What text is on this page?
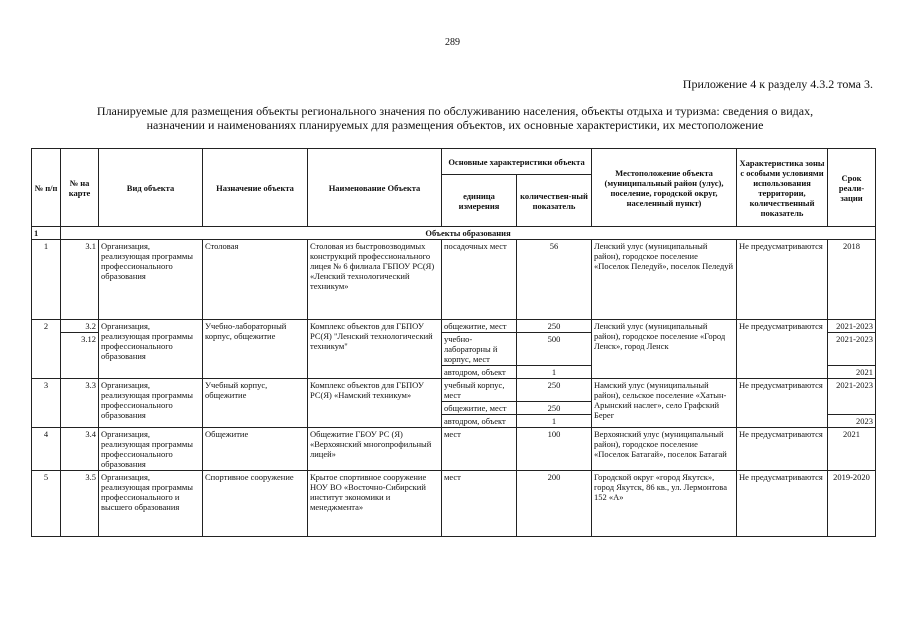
289
Приложение 4 к разделу 4.3.2 тома 3.
Планируемые для размещения объекты регионального значения по обслуживанию населения, объекты отдыха и туризма: сведения о видах,
назначении и наименованиях планируемых для размещения объектов, их основные характеристики, их местоположение
№ п/п	№ на карте	Вид объекта	Назначение объекта	Наименование Объекта	Основные характеристики объекта		Местоположение объекта (муниципальный район (улус), поселение, городской округ, населенный пункт)	Характеристика зоны с особыми условиями использования территории, количественный показатель	Срок реали-зации
					единица измерения	количествен-ный показатель			
1	Объекты образования								
1	3.1	Организация, реализующая программы профессионального образования	Столовая	Столовая из быстровозводимых конструкций профессионального лицея № 6 филиала ГБПОУ РС(Я) «Ленский технологический техникум»	посадочных мест	56	Ленский улус (муниципальный район), городское поселение «Поселок Пеледуй», поселок Пеледуй	Не предусматриваются	2018
2	3.2	Организация, реализующая программы профессионального образования	Учебно-лабораторный корпус, общежитие	Комплекс объектов для ГБПОУ РС(Я) "Ленский технологический техникум"	общежитие, мест	250	Ленский улус (муниципальный район), городское поселение «Город Ленск», город Ленск	Не предусматриваются	2021-2023
	3.12				учебно-лабораторны й корпус, мест	500			2021-2023
					автодром, объект	1			2021
3	3.3	Организация, реализующая программы профессионального образования	Учебный корпус, общежитие	Комплекс объектов для ГБПОУ РС(Я) «Намский техникум»	учебный корпус, мест	250	Намский улус (муниципальный район), сельское поселение «Хатын-Арынский наслег», село Графский Берег	Не предусматриваются	2021-2023
					общежитие, мест	250			
					автодром, объект	1			2023
4	3.4	Организация, реализующая программы профессионального образования	Общежитие	Общежитие ГБОУ РС (Я) «Верхоянский многопрофильный лицей»	мест	100	Верхоянский улус (муниципальный район), городское поселение «Поселок Батагай», поселок Батагай	Не предусматриваются	2021
5	3.5	Организация, реализующая программы профессионального и высшего образования	Спортивное сооружение	Крытое спортивное сооружение НОУ ВО «Восточно-Сибирский институт экономики и менеджмента»	мест	200	Городской округ «город Якутск», город Якутск, 86 кв., ул. Лермонтова 152 «А»	Не предусматриваются	2019-2020
